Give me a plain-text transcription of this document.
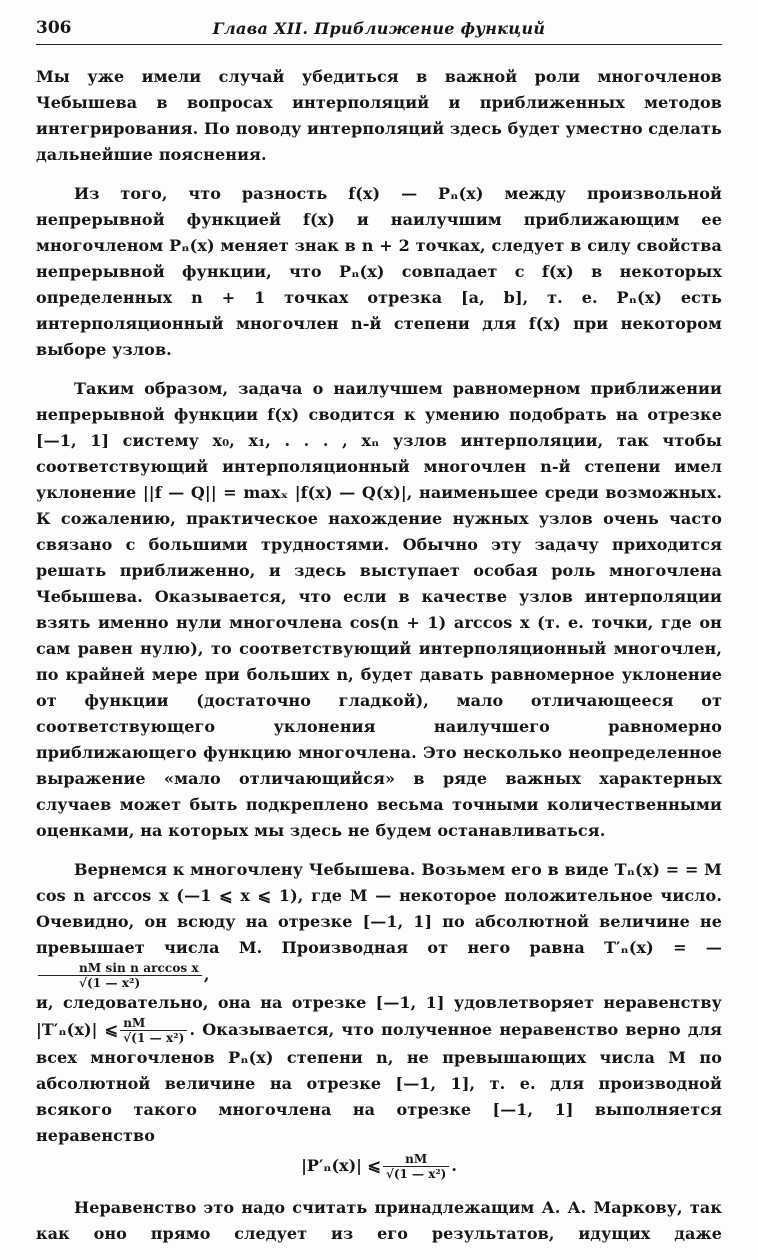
306	Глава XII. Приближение функций

Мы уже имели случай убедиться в важной роли многочленов Чебышева в вопросах интерполяций и приближенных методов интегрирования. По поводу интерполяций здесь будет уместно сделать дальнейшие пояснения.

Из того, что разность f(x) — Pₙ(x) между произвольной непрерывной функцией f(x) и наилучшим приближающим ее многочленом Pₙ(x) меняет знак в n + 2 точках, следует в силу свойства непрерывной функции, что Pₙ(x) совпадает с f(x) в некоторых определенных n + 1 точках отрезка [a, b], т. е. Pₙ(x) есть интерполяционный многочлен n-й степени для f(x) при некотором выборе узлов.

Таким образом, задача о наилучшем равномерном приближении непрерывной функции f(x) сводится к умению подобрать на отрезке [—1, 1] систему x₀, x₁, . . . , xₙ узлов интерполяции, так чтобы соответствующий интерполяционный многочлен n-й степени имел уклонение ||f — Q|| = maxₓ |f(x) — Q(x)|, наименьшее среди возможных. К сожалению, практическое нахождение нужных узлов очень часто связано с большими трудностями. Обычно эту задачу приходится решать приближенно, и здесь выступает особая роль многочлена Чебышева. Оказывается, что если в качестве узлов интерполяции взять именно нули многочлена cos(n + 1) arccos x (т. е. точки, где он сам равен нулю), то соответствующий интерполяционный многочлен, по крайней мере при больших n, будет давать равномерное уклонение от функции (достаточно гладкой), мало отличающееся от соответствующего уклонения наилучшего равномерно приближающего функцию многочлена. Это несколько неопределенное выражение «мало отличающийся» в ряде важных характерных случаев может быть подкреплено весьма точными количественными оценками, на которых мы здесь не будем останавливаться.

Вернемся к многочлену Чебышева. Возьмем его в виде Tₙ(x) = = M cos n arccos x (—1 ⩽ x ⩽ 1), где M — некоторое положительное число. Очевидно, он всюду на отрезке [—1, 1] по абсолютной величине не превышает числа M. Производная от него равна T′ₙ(x) = —
$\frac{\text{nM sin n arccos x}}{\text{√(1 — x²)}}$ ,

и, следовательно, она на отрезке [—1, 1] удовлетворяет неравенству |T′ₙ(x)| ⩽ $\frac{nM}{\text{√(1 — x²)}}$ . Оказывается, что полученное неравенство верно для всех многочленов Pₙ(x) степени n, не превышающих числа M по абсолютной величине на отрезке [—1, 1], т. е. для производной всякого такого многочлена на отрезке [—1, 1] выполняется неравенство

|P′ₙ(x)| ⩽ $\frac{nM}{\text{√(1 — x²)}}$ .

Неравенство это надо считать принадлежащим А. А. Маркову, так как оно прямо следует из его результатов, идущих даже
